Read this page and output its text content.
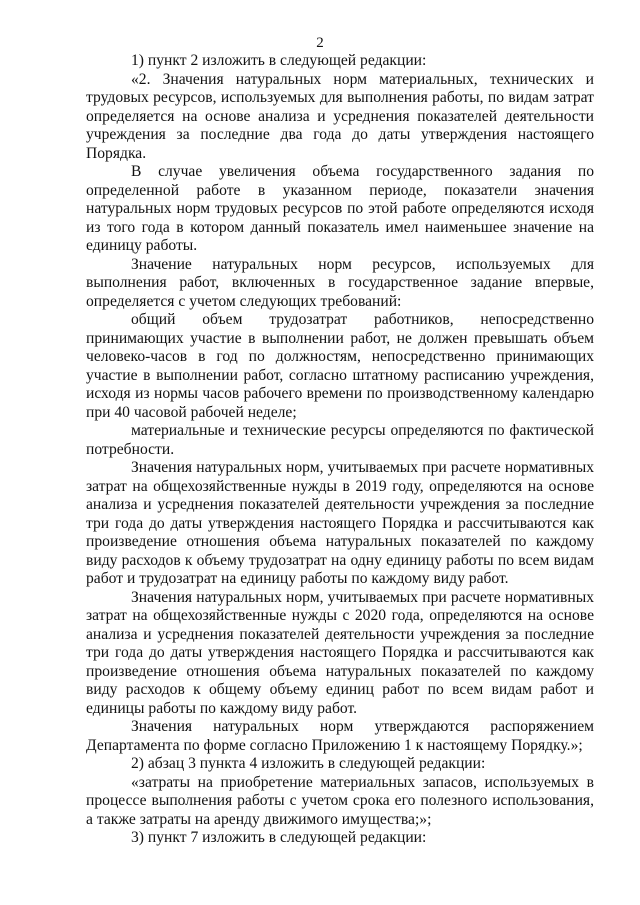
2

1) пункт 2 изложить в следующей редакции:

«2. Значения натуральных норм материальных, технических и трудовых ресурсов, используемых для выполнения работы, по видам затрат определяется на основе анализа и усреднения показателей деятельности учреждения за последние два года до даты утверждения настоящего Порядка.

В случае увеличения объема государственного задания по определенной работе в указанном периоде, показатели значения натуральных норм трудовых ресурсов по этой работе определяются исходя из того года в котором данный показатель имел наименьшее значение на единицу работы.

Значение натуральных норм ресурсов, используемых для выполнения работ, включенных в государственное задание впервые, определяется с учетом следующих требований:

общий объем трудозатрат работников, непосредственно принимающих участие в выполнении работ, не должен превышать объем человеко-часов в год по должностям, непосредственно принимающих участие в выполнении работ, согласно штатному расписанию учреждения, исходя из нормы часов рабочего времени по производственному календарю при 40 часовой рабочей неделе;

материальные и технические ресурсы определяются по фактической потребности.

Значения натуральных норм, учитываемых при расчете нормативных затрат на общехозяйственные нужды в 2019 году, определяются на основе анализа и усреднения показателей деятельности учреждения за последние три года до даты утверждения настоящего Порядка и рассчитываются как произведение отношения объема натуральных показателей по каждому виду расходов к объему трудозатрат на одну единицу работы по всем видам работ и трудозатрат на единицу работы по каждому виду работ.

Значения натуральных норм, учитываемых при расчете нормативных затрат на общехозяйственные нужды с 2020 года, определяются на основе анализа и усреднения показателей деятельности учреждения за последние три года до даты утверждения настоящего Порядка и рассчитываются как произведение отношения объема натуральных показателей по каждому виду расходов к общему объему единиц работ по всем видам работ и единицы работы по каждому виду работ.

Значения натуральных норм утверждаются распоряжением Департамента по форме согласно Приложению 1 к настоящему Порядку.»;

2) абзац 3 пункта 4 изложить в следующей редакции:

«затраты на приобретение материальных запасов, используемых в процессе выполнения работы с учетом срока его полезного использования, а также затраты на аренду движимого имущества;»;

3) пункт 7 изложить в следующей редакции:
